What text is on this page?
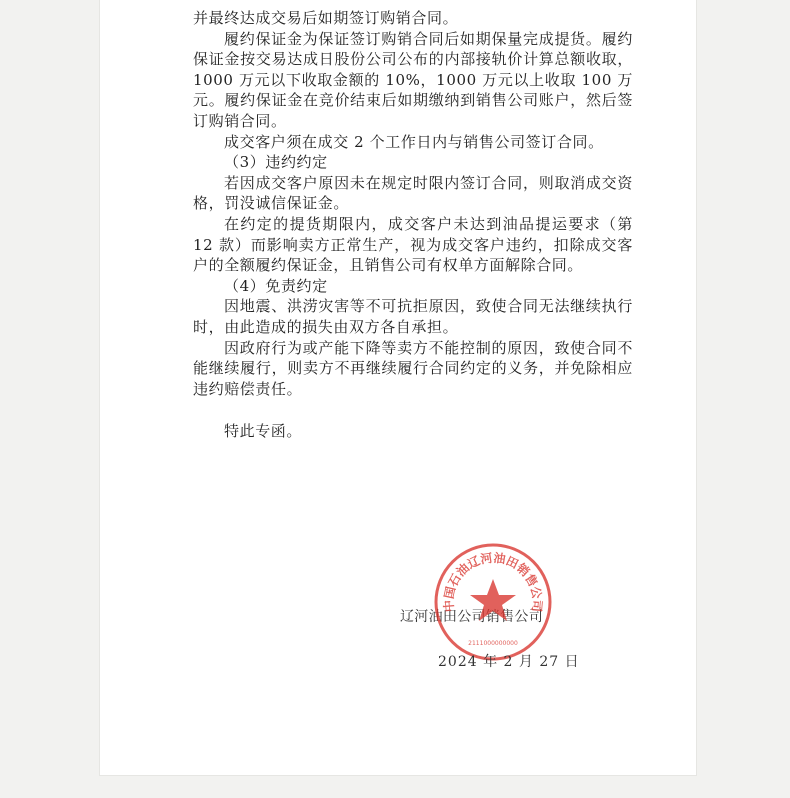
并最终达成交易后如期签订购销合同。

履约保证金为保证签订购销合同后如期保量完成提货。履约保证金按交易达成日股份公司公布的内部接轨价计算总额收取，1000 万元以下收取金额的 10%，1000 万元以上收取 100 万元。履约保证金在竞价结束后如期缴纳到销售公司账户，然后签订购销合同。

成交客户须在成交 2 个工作日内与销售公司签订合同。

（3）违约约定

若因成交客户原因未在规定时限内签订合同，则取消成交资格，罚没诚信保证金。

在约定的提货期限内，成交客户未达到油品提运要求（第 12 款）而影响卖方正常生产，视为成交客户违约，扣除成交客户的全额履约保证金，且销售公司有权单方面解除合同。

（4）免责约定

因地震、洪涝灾害等不可抗拒原因，致使合同无法继续执行时，由此造成的损失由双方各自承担。

因政府行为或产能下降等卖方不能控制的原因，致使合同不能继续履行，则卖方不再继续履行合同约定的义务，并免除相应违约赔偿责任。

特此专函。

辽河油田公司销售公司
中国石油辽河油田销售公司
2111000000000
2024 年 2 月 27 日
